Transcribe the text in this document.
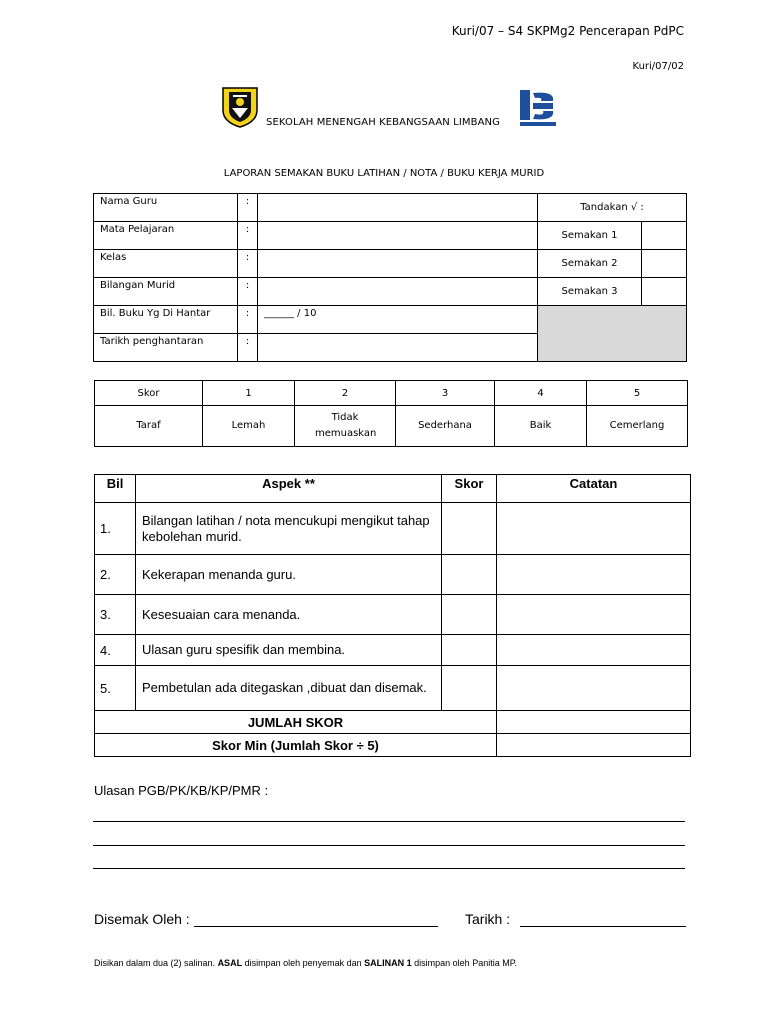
Kuri/07 – S4 SKPMg2 Pencerapan PdPC
Kuri/07/02
SEKOLAH MENENGAH KEBANGSAAN LIMBANG
LAPORAN SEMAKAN BUKU LATIHAN / NOTA / BUKU KERJA MURID
Nama Guru	:		Tandakan √ :	
Mata Pelajaran	:		Semakan 1	
Kelas	:		Semakan 2	
Bilangan Murid	:		Semakan 3	
Bil. Buku Yg Di Hantar	:	______ / 10		
Tarikh penghantaran	:			
Skor	1	2	3	4	5
Taraf	Lemah	Tidak memuaskan	Sederhana	Baik	Cemerlang
Bil	Aspek **	Skor	Catatan
1.	Bilangan latihan / nota mencukupi mengikut tahap kebolehan murid.		
2.	Kekerapan menanda guru.		
3.	Kesesuaian cara menanda.		
4.	Ulasan guru spesifik dan membina.		
5.	Pembetulan ada ditegaskan ,dibuat dan disemak.		
JUMLAH SKOR			
Skor Min (Jumlah Skor ÷ 5)			
Ulasan PGB/PK/KB/KP/PMR :
Disemak Oleh :	Tarikh :
Disikan dalam dua (2) salinan. ASAL disimpan oleh penyemak dan SALINAN 1 disimpan oleh Panitia MP.
